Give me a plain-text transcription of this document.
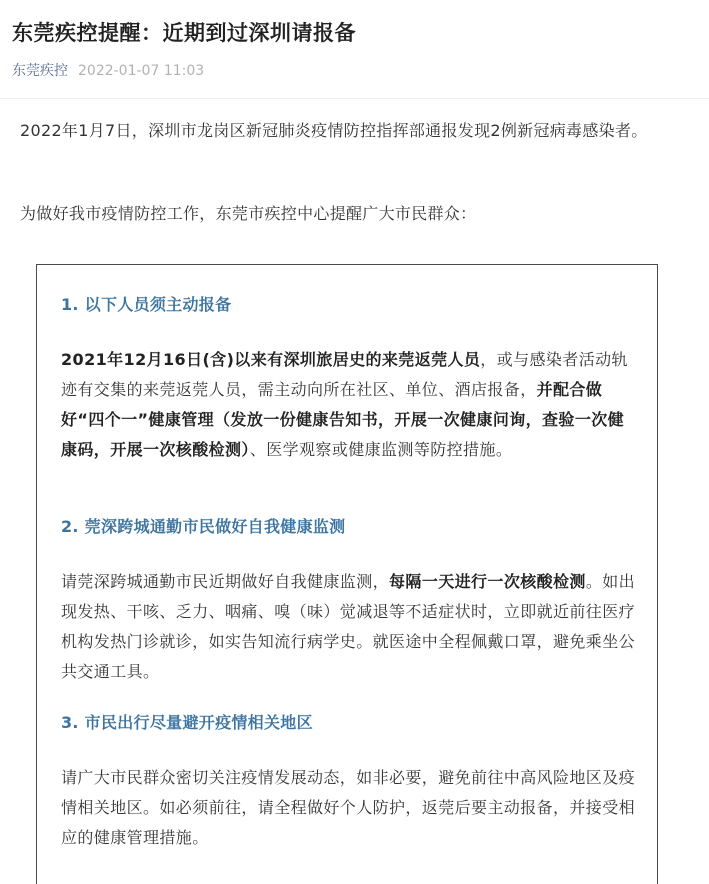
东莞疾控提醒：近期到过深圳请报备
东莞疾控 2022-01-07 11:03

2022年1月7日，深圳市龙岗区新冠肺炎疫情防控指挥部通报发现2例新冠病毒感染者。

为做好我市疫情防控工作，东莞市疾控中心提醒广大市民群众：

1. 以下人员须主动报备

2021年12月16日(含)以来有深圳旅居史的来莞返莞人员，或与感染者活动轨迹有交集的来莞返莞人员，需主动向所在社区、单位、酒店报备，并配合做好“四个一”健康管理（发放一份健康告知书，开展一次健康问询，查验一次健康码，开展一次核酸检测）、医学观察或健康监测等防控措施。

2. 莞深跨城通勤市民做好自我健康监测

请莞深跨城通勤市民近期做好自我健康监测，每隔一天进行一次核酸检测。如出现发热、干咳、乏力、咽痛、嗅（味）觉减退等不适症状时，立即就近前往医疗机构发热门诊就诊，如实告知流行病学史。就医途中全程佩戴口罩，避免乘坐公共交通工具。

3. 市民出行尽量避开疫情相关地区

请广大市民群众密切关注疫情发展动态，如非必要，避免前往中高风险地区及疫情相关地区。如必须前往，请全程做好个人防护，返莞后要主动报备，并接受相应的健康管理措施。
